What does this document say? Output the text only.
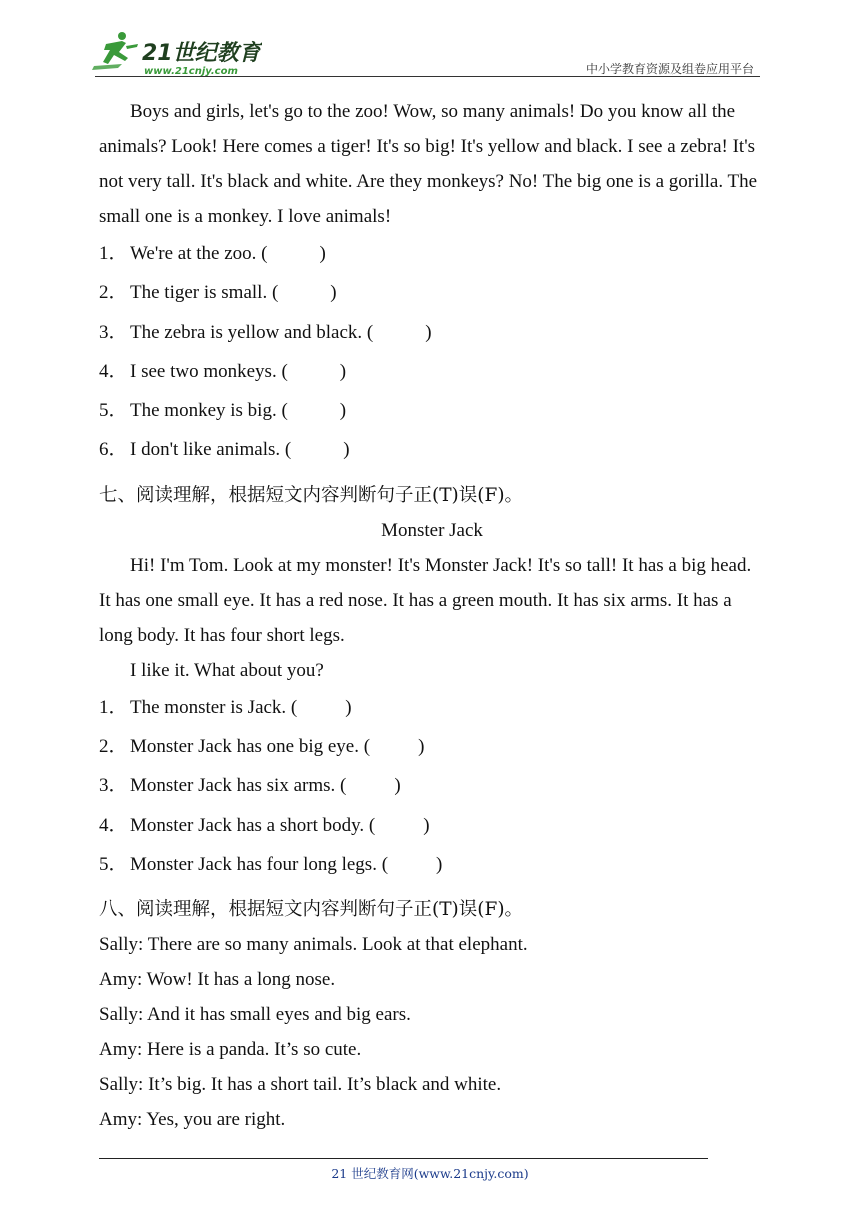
21世纪教育
www.21cnjy.com	中小学教育资源及组卷应用平台

Boys and girls, let's go to the zoo! Wow, so many animals! Do you know all the animals? Look! Here comes a tiger! It's so big! It's yellow and black. I see a zebra! It's not very tall. It's black and white. Are they monkeys? No! The big one is a gorilla. The small one is a monkey. I love animals!

1． We're at the zoo. (	)
2． The tiger is small. (	)
3． The zebra is yellow and black. (	)
4． I see two monkeys. (	)
5． The monkey is big. (	)
6． I don't like animals. (	)
七、阅读理解，根据短文内容判断句子正(T)误(F)。
Monster Jack

Hi! I'm Tom. Look at my monster! It's Monster Jack! It's so tall! It has a big head. It has one small eye. It has a red nose. It has a green mouth. It has six arms. It has a long body. It has four short legs.

I like it. What about you?

1． The monster is Jack. (	)
2． Monster Jack has one big eye. (	)
3． Monster Jack has six arms. (	)
4． Monster Jack has a short body. (	)
5． Monster Jack has four long legs. (	)
八、阅读理解，根据短文内容判断句子正(T)误(F)。
Sally: There are so many animals. Look at that elephant.
Amy: Wow! It has a long nose.
Sally: And it has small eyes and big ears.
Amy: Here is a panda. It’s so cute.
Sally: It’s big. It has a short tail. It’s black and white.
Amy: Yes, you are right.
21 世纪教育网(www.21cnjy.com)
